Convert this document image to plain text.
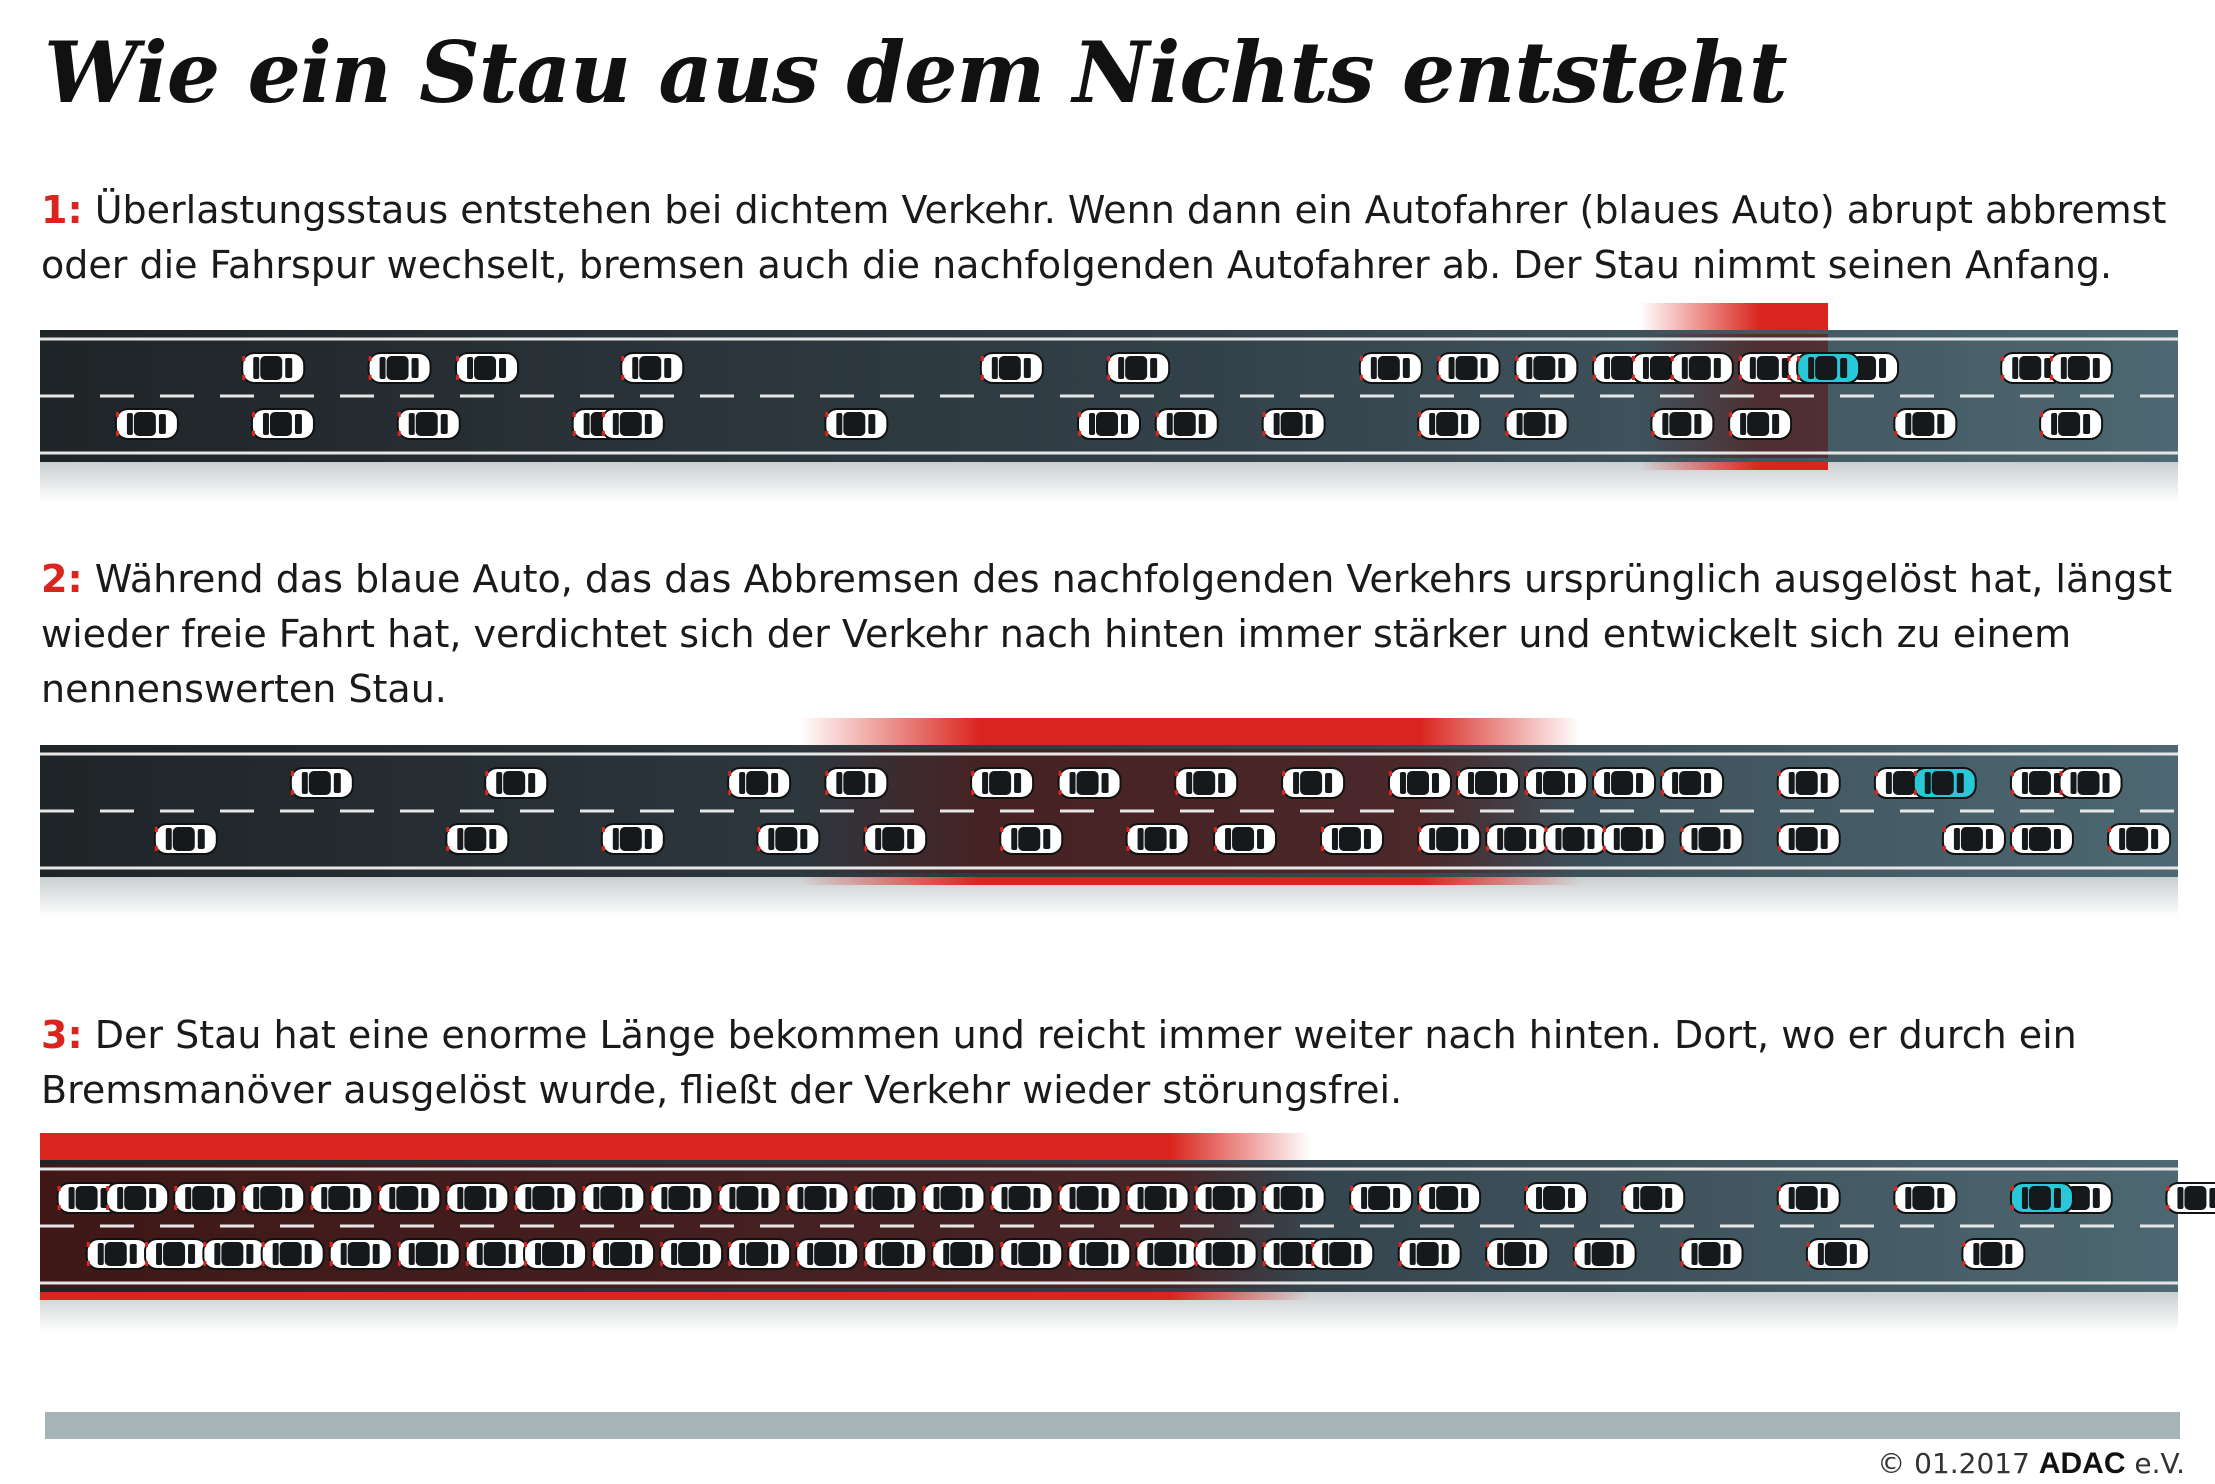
Wie ein Stau aus dem Nichts entsteht

1: Überlastungsstaus entstehen bei dichtem Verkehr. Wenn dann ein Autofahrer (blaues Auto) abrupt abbremst oder die Fahrspur wechselt, bremsen auch die nachfolgenden Autofahrer ab. Der Stau nimmt seinen Anfang.

2: Während das blaue Auto, das das Abbremsen des nachfolgenden Verkehrs ursprünglich ausgelöst hat, längst wieder freie Fahrt hat, verdichtet sich der Verkehr nach hinten immer stärker und entwickelt sich zu einem nennenswerten Stau.

3: Der Stau hat eine enorme Länge bekommen und reicht immer weiter nach hinten. Dort, wo er durch ein Bremsmanöver ausgelöst wurde, fließt der Verkehr wieder störungsfrei.

© 01.2017 ADAC e.V.
